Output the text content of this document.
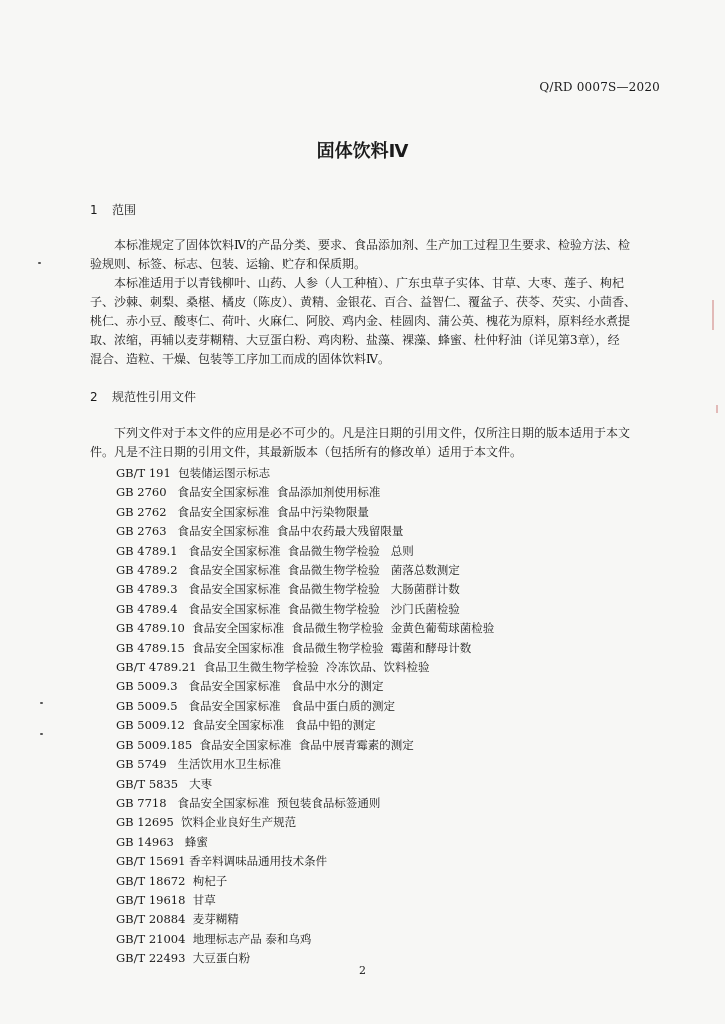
Q/RD 0007S—2020
固体饮料Ⅳ
1 范围

本标准规定了固体饮料Ⅳ的产品分类、要求、食品添加剂、生产加工过程卫生要求、检验方法、检
验规则、标签、标志、包装、运输、贮存和保质期。

本标准适用于以青钱柳叶、山药、人参（人工种植）、广东虫草子实体、甘草、大枣、莲子、枸杞
子、沙棘、刺梨、桑椹、橘皮（陈皮）、黄精、金银花、百合、益智仁、覆盆子、茯苓、芡实、小茴香、
桃仁、赤小豆、酸枣仁、荷叶、火麻仁、阿胶、鸡内金、桂圆肉、蒲公英、槐花为原料，原料经水煮提
取、浓缩，再辅以麦芽糊精、大豆蛋白粉、鸡肉粉、盐藻、裸藻、蜂蜜、杜仲籽油（详见第3章），经
混合、造粒、干燥、包装等工序加工而成的固体饮料Ⅳ。

2 规范性引用文件

下列文件对于本文件的应用是必不可少的。凡是注日期的引用文件，仅所注日期的版本适用于本文
件。凡是不注日期的引用文件，其最新版本（包括所有的修改单）适用于本文件。

GB/T 191  包装储运图示标志
GB 2760   食品安全国家标准  食品添加剂使用标准
GB 2762   食品安全国家标准  食品中污染物限量
GB 2763   食品安全国家标准  食品中农药最大残留限量
GB 4789.1   食品安全国家标准  食品微生物学检验   总则
GB 4789.2   食品安全国家标准  食品微生物学检验   菌落总数测定
GB 4789.3   食品安全国家标准  食品微生物学检验   大肠菌群计数
GB 4789.4   食品安全国家标准  食品微生物学检验   沙门氏菌检验
GB 4789.10  食品安全国家标准  食品微生物学检验  金黄色葡萄球菌检验
GB 4789.15  食品安全国家标准  食品微生物学检验  霉菌和酵母计数
GB/T 4789.21  食品卫生微生物学检验  冷冻饮品、饮料检验
GB 5009.3   食品安全国家标准   食品中水分的测定
GB 5009.5   食品安全国家标准   食品中蛋白质的测定
GB 5009.12  食品安全国家标准   食品中铅的测定
GB 5009.185  食品安全国家标准  食品中展青霉素的测定
GB 5749   生活饮用水卫生标准
GB/T 5835   大枣
GB 7718   食品安全国家标准  预包装食品标签通则
GB 12695  饮料企业良好生产规范
GB 14963   蜂蜜
GB/T 15691 香辛料调味品通用技术条件
GB/T 18672  枸杞子
GB/T 19618  甘草
GB/T 20884  麦芽糊精
GB/T 21004  地理标志产品 泰和乌鸡
GB/T 22493  大豆蛋白粉
2
